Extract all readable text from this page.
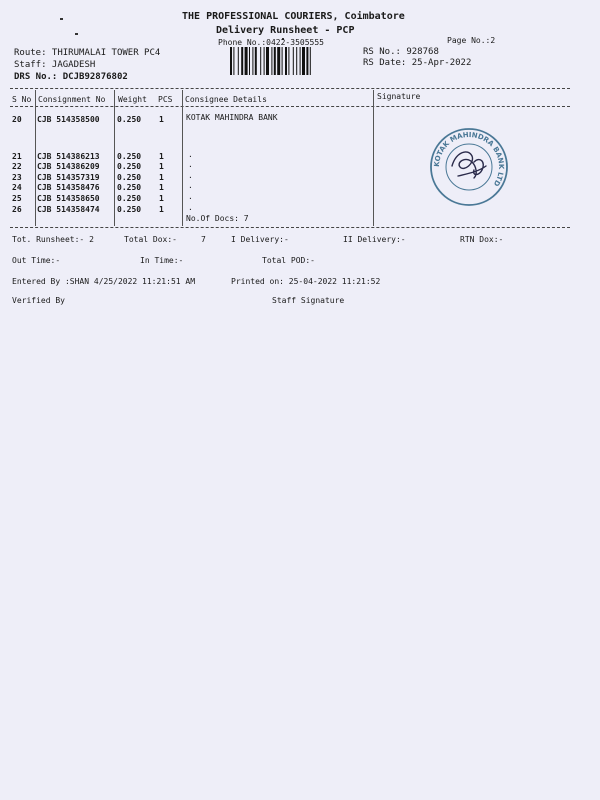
THE PROFESSIONAL COURIERS, Coimbatore
Delivery Runsheet - PCP
Phone No.:0422-3505555	Page No.:2
Route: THIRUMALAI TOWER PC4
Staff: JAGADESH
DRS No.: DCJB92876802
RS No.: 928768
RS Date: 25-Apr-2022
S No Consignment No Weight PCS Consignee Details	Signature
20 CJB 514358500 0.250 1	KOTAK MAHINDRA BANK
21 CJB 514386213 0.250 1	.
22 CJB 514386209 0.250 1	.
23 CJB 514357319 0.250 1	.
24 CJB 514358476 0.250 1	.
25 CJB 514358650 0.250 1	.
26 CJB 514358474 0.250 1	.
No.Of Docs: 7
KOTAK MAHINDRA BANK LTD
Tot. Runsheet:- 2	Total Dox:-	7	I Delivery:-	II Delivery:-	RTN Dox:-
Out Time:-	In Time:-	Total POD:-
Entered By :SHAN 4/25/2022 11:21:51 AM	Printed on: 25-04-2022 11:21:52
Verified By	Staff Signature
